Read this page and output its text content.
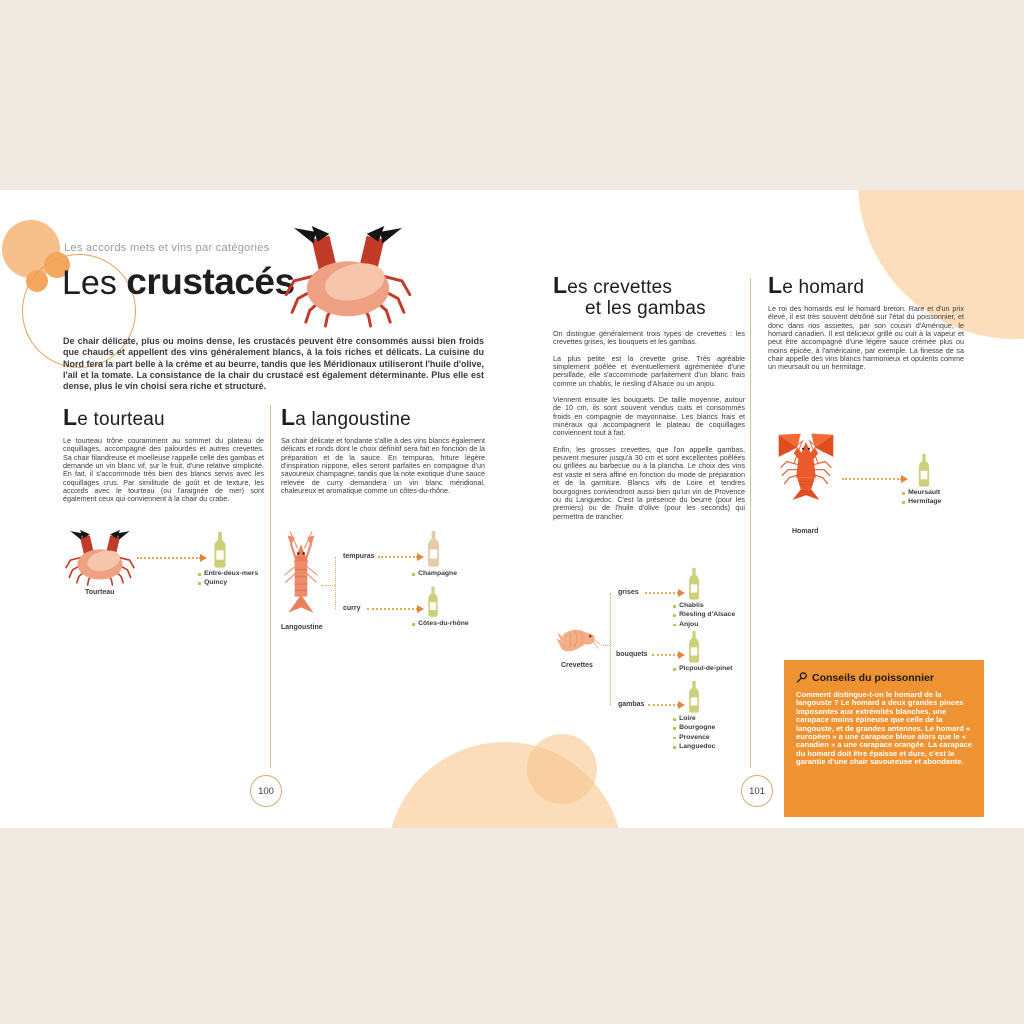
Les accords mets et vins par catégories
Les crustacés

De chair délicate, plus ou moins dense, les crustacés peuvent être consommés aussi bien froids que chauds et appellent des vins généralement blancs, à la fois riches et délicats. La cuisine du Nord fera la part belle à la crème et au beurre, tandis que les Méridionaux utiliseront l'huile d'olive, l'ail et la tomate. La consistance de la chair du crustacé est également déterminante. Plus elle est dense, plus le vin choisi sera riche et structuré.

Le tourteau

Le tourteau trône couramment au sommet du plateau de coquillages, accompagné des palourdes et autres crevettes. Sa chair filandreuse et moelleuse rappelle celle des gambas et demande un vin blanc vif, sur le fruit, d'une relative simplicité. En fait, il s'accommode très bien des blancs servis avec les coquillages crus. Par similitude de goût et de texture, les accords avec le tourteau (ou l'araignée de mer) sont également ceux qui conviennent à la chair du crabe.

Tourteau
Entre-deux-mers
Quincy
La langoustine

Sa chair délicate et fondante s'allie à des vins blancs également délicats et ronds dont le choix définitif sera fait en fonction de la préparation et de la sauce. En tempuras, friture légère d'inspiration nippone, elles seront parfaites en compagnie d'un savoureux champagne, tandis que la note exotique d'une sauce relevée de curry demandera un vin blanc méridional, chaleureux et aromatique comme un côtes-du-rhône.

Langoustine
tempuras
Champagne
curry
Côtes-du-rhône
Les crevettes
et les gambas

On distingue généralement trois types de crevettes : les crevettes grises, les bouquets et les gambas.

La plus petite est la crevette grise. Très agréable simplement poêlée et éventuellement agrémentée d'une persillade, elle s'accommode parfaitement d'un blanc frais comme un chablis, le riesling d'Alsace ou un anjou.

Viennent ensuite les bouquets. De taille moyenne, autour de 10 cm, ils sont souvent vendus cuits et consommés froids en compagnie de mayonnaise. Les blancs frais et minéraux qui accompagnent le plateau de coquillages conviennent tout à fait.

Enfin, les grosses crevettes, que l'on appelle gambas, peuvent mesurer jusqu'à 30 cm et sont excellentes poêlées ou grillées au barbecue ou à la plancha. Le choix des vins est vaste et sera affiné en fonction du mode de préparation et de la garniture. Blancs vifs de Loire et tendres bourgognes conviendront aussi bien qu'un vin de Provence ou du Languedoc. C'est la présence du beurre (pour les premiers) ou de l'huile d'olive (pour les seconds) qui permettra de trancher.

Crevettes
grises
Chablis
Riesling d'Alsace
Anjou
bouquets
Picpoul-de-pinet
gambas
Loire
Bourgogne
Provence
Languedoc
Le homard

Le roi des homards est le homard breton. Rare et d'un prix élevé, il est très souvent détrôné sur l'étal du poissonnier, et donc dans nos assiettes, par son cousin d'Amérique, le homard canadien. Il est délicieux grillé ou cuit à la vapeur et peut être accompagné d'une légère sauce crémée plus ou moins épicée, à l'américaine, par exemple. La finesse de sa chair appelle des vins blancs harmonieux et opulents comme un meursault ou un hermitage.

Homard
Meursault
Hermitage
Conseils du poissonnier

Comment distingue-t-on le homard de la langouste ? Le homard a deux grandes pinces imposantes aux extrémités blanches, une carapace moins épineuse que celle de la langouste, et de grandes antennes. Le homard « européen » a une carapace bleue alors que le « canadien » a une carapace orangée. La carapace du homard doit être épaisse et dure, c'est la garantie d'une chair savoureuse et abondante.

100	101
